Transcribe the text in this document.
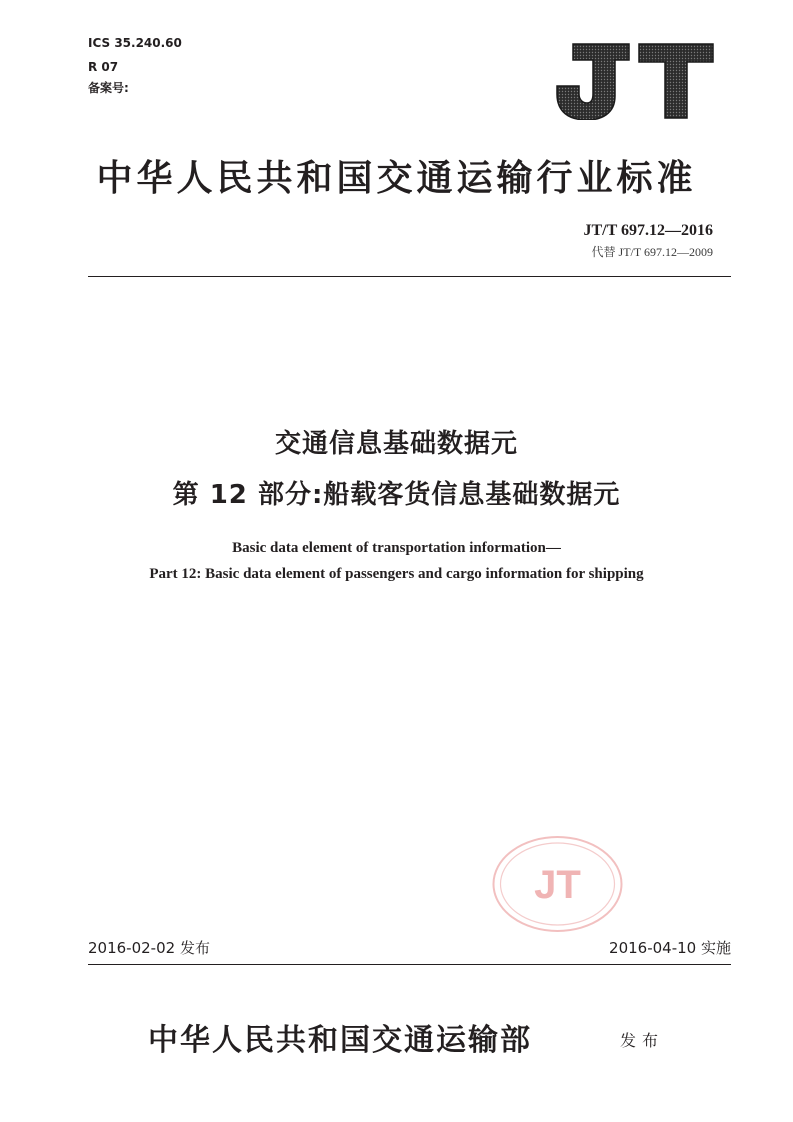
ICS 35.240.60
R 07
备案号:
中华人民共和国交通运输行业标准
JT/T 697.12—2016
代替 JT/T 697.12—2009
交通信息基础数据元
第 12 部分:船载客货信息基础数据元
Basic data element of transportation information—
Part 12: Basic data element of passengers and cargo information for shipping
JT
2016-02-02 发布	2016-04-10 实施
中华人民共和国交通运输部	发布
